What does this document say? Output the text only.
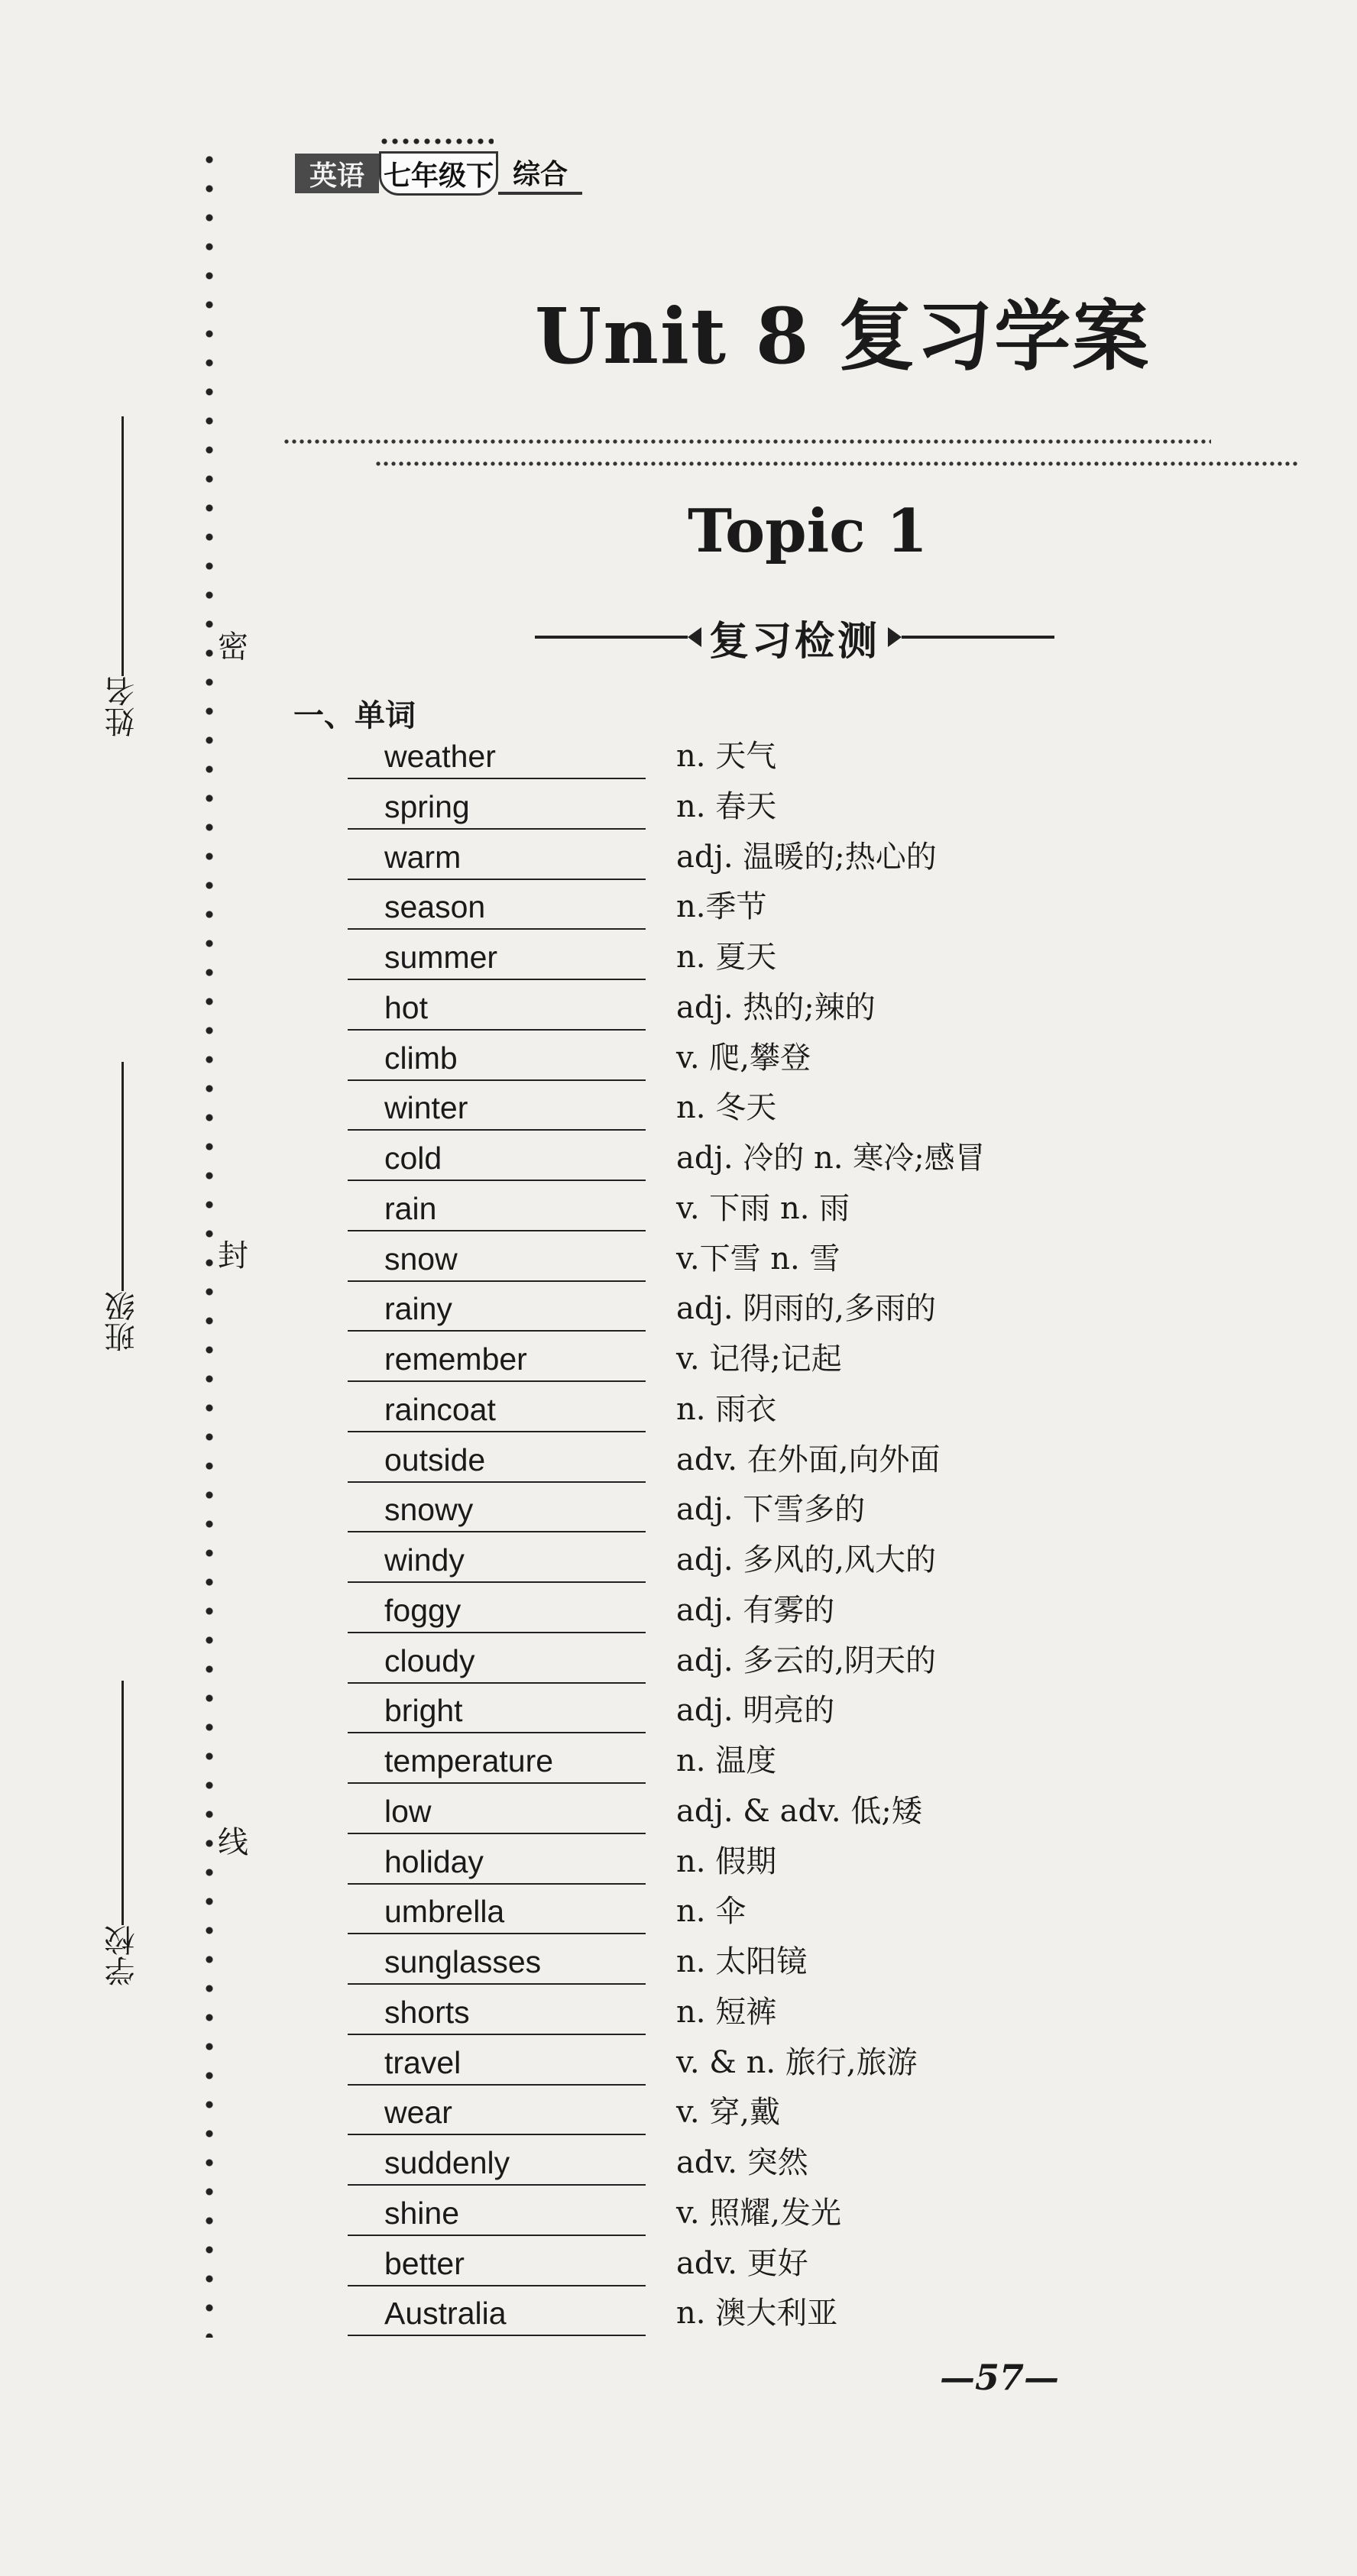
密
封
线
姓名
班级
学校
英语 七年级下 综合
Unit 8 复习学案
Topic 1
复习检测
一、单词
weather	n. 天气
spring	n. 春天
warm	adj. 温暖的;热心的
season	n.季节
summer	n. 夏天
hot	adj. 热的;辣的
climb	v. 爬,攀登
winter	n. 冬天
cold	adj. 冷的 n. 寒冷;感冒
rain	v. 下雨 n. 雨
snow	v.下雪 n. 雪
rainy	adj. 阴雨的,多雨的
remember	v. 记得;记起
raincoat	n. 雨衣
outside	adv. 在外面,向外面
snowy	adj. 下雪多的
windy	adj. 多风的,风大的
foggy	adj. 有雾的
cloudy	adj. 多云的,阴天的
bright	adj. 明亮的
temperature	n. 温度
low	adj. & adv. 低;矮
holiday	n. 假期
umbrella	n. 伞
sunglasses	n. 太阳镜
shorts	n. 短裤
travel	v. & n. 旅行,旅游
wear	v. 穿,戴
suddenly	adv. 突然
shine	v. 照耀,发光
better	adv. 更好
Australia	n. 澳大利亚
—57—
